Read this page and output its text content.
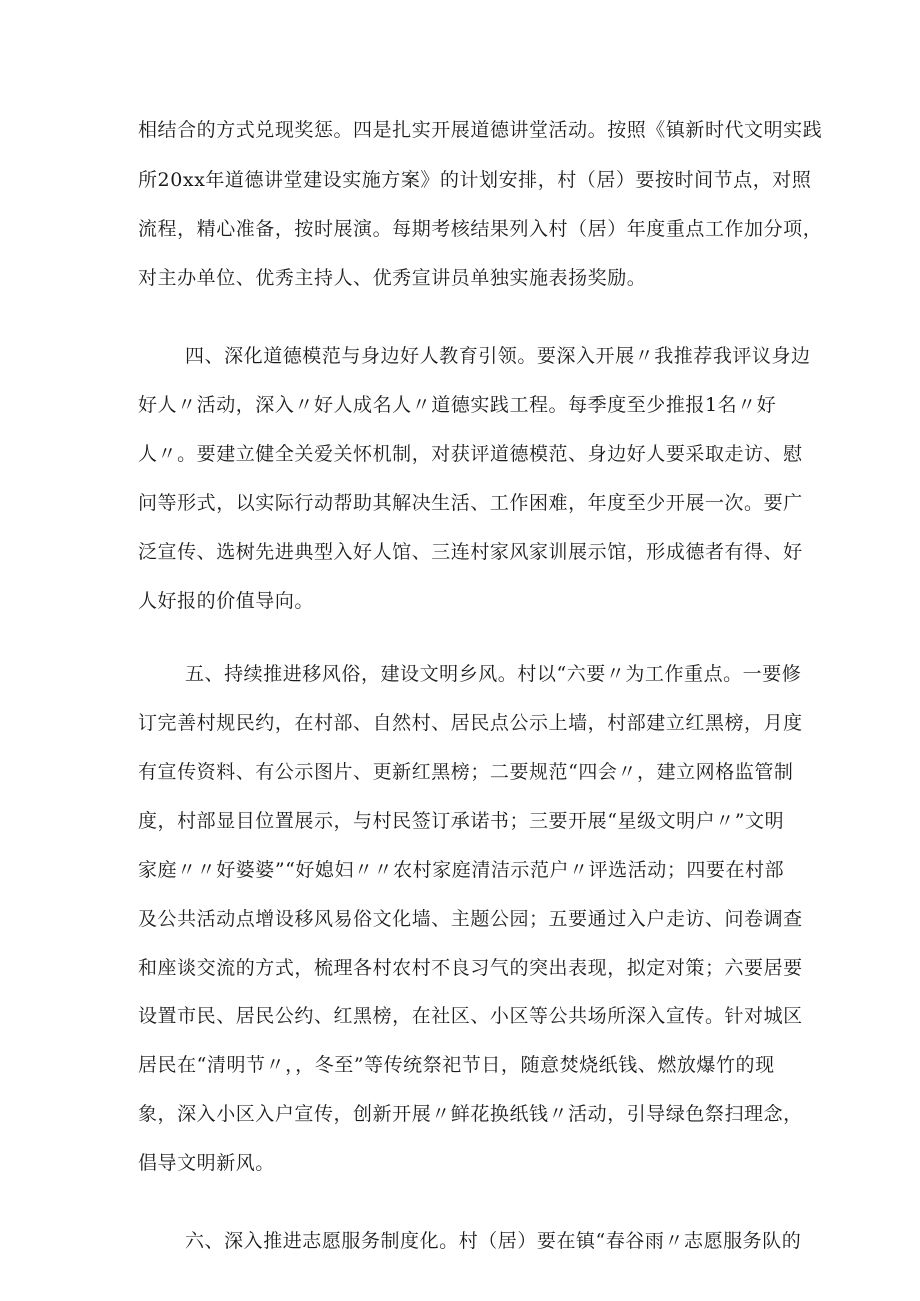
相结合的方式兑现奖惩。四是扎实开展道德讲堂活动。按照《镇新时代文明实践
所20xx年道德讲堂建设实施方案》的计划安排，村（居）要按时间节点，对照
流程，精心准备，按时展演。每期考核结果列入村（居）年度重点工作加分项，
对主办单位、优秀主持人、优秀宣讲员单独实施表扬奖励。
四、深化道德模范与身边好人教育引领。要深入开展〃我推荐我评议身边
好人〃活动，深入〃好人成名人〃道德实践工程。每季度至少推报1名〃好
人〃。要建立健全关爱关怀机制，对获评道德模范、身边好人要采取走访、慰
问等形式，以实际行动帮助其解决生活、工作困难，年度至少开展一次。要广
泛宣传、选树先进典型入好人馆、三连村家风家训展示馆，形成德者有得、好
人好报的价值导向。
五、持续推进移风俗，建设文明乡风。村以“六要〃为工作重点。一要修
订完善村规民约，在村部、自然村、居民点公示上墙，村部建立红黑榜，月度
有宣传资料、有公示图片、更新红黑榜；二要规范“四会〃，建立网格监管制
度，村部显目位置展示，与村民签订承诺书；三要开展“星级文明户〃”文明
家庭〃〃好婆婆”“好媳妇〃〃农村家庭清洁示范户〃评选活动；四要在村部
及公共活动点增设移风易俗文化墙、主题公园；五要通过入户走访、问卷调查
和座谈交流的方式，梳理各村农村不良习气的突出表现，拟定对策；六要居要
设置市民、居民公约、红黑榜，在社区、小区等公共场所深入宣传。针对城区
居民在“清明节〃，，冬至”等传统祭祀节日，随意焚烧纸钱、燃放爆竹的现
象，深入小区入户宣传，创新开展〃鲜花换纸钱〃活动，引导绿色祭扫理念，
倡导文明新风。
六、深入推进志愿服务制度化。村（居）要在镇“春谷雨〃志愿服务队的
